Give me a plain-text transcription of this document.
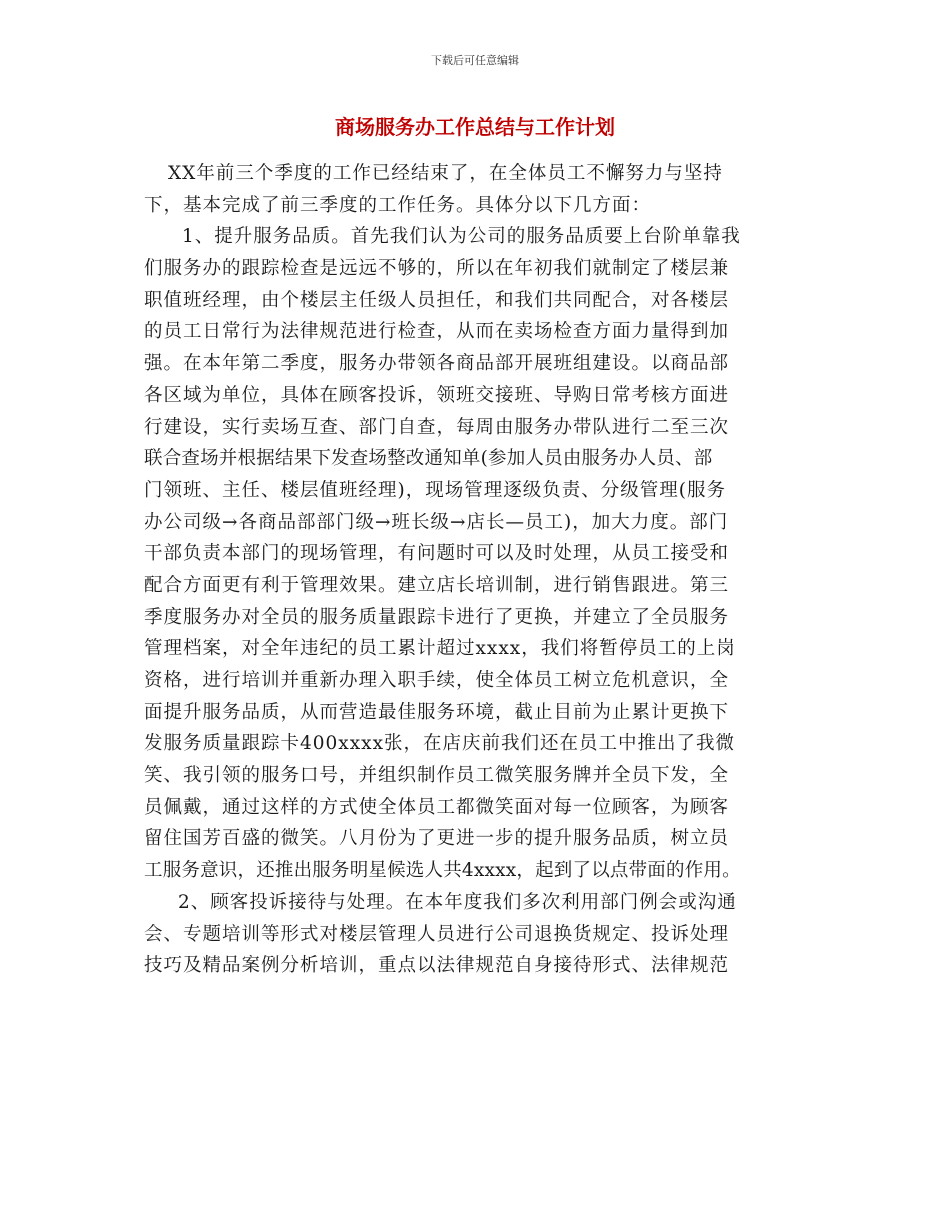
下载后可任意编辑
商场服务办工作总结与工作计划

XX年前三个季度的工作已经结束了，在全体员工不懈努力与坚持
下，基本完成了前三季度的工作任务。具体分以下几方面：

1、提升服务品质。首先我们认为公司的服务品质要上台阶单靠我
们服务办的跟踪检查是远远不够的，所以在年初我们就制定了楼层兼
职值班经理，由个楼层主任级人员担任，和我们共同配合，对各楼层
的员工日常行为法律规范进行检查，从而在卖场检查方面力量得到加
强。在本年第二季度，服务办带领各商品部开展班组建设。以商品部
各区域为单位，具体在顾客投诉，领班交接班、导购日常考核方面进
行建设，实行卖场互查、部门自查，每周由服务办带队进行二至三次
联合查场并根据结果下发查场整改通知单(参加人员由服务办人员、部
门领班、主任、楼层值班经理)，现场管理逐级负责、分级管理(服务
办公司级→各商品部部门级→班长级→店长—员工)，加大力度。部门
干部负责本部门的现场管理，有问题时可以及时处理，从员工接受和
配合方面更有利于管理效果。建立店长培训制，进行销售跟进。第三
季度服务办对全员的服务质量跟踪卡进行了更换，并建立了全员服务
管理档案，对全年违纪的员工累计超过xxxx，我们将暂停员工的上岗
资格，进行培训并重新办理入职手续，使全体员工树立危机意识，全
面提升服务品质，从而营造最佳服务环境，截止目前为止累计更换下
发服务质量跟踪卡400xxxx张，在店庆前我们还在员工中推出了我微
笑、我引领的服务口号，并组织制作员工微笑服务牌并全员下发，全
员佩戴，通过这样的方式使全体员工都微笑面对每一位顾客，为顾客
留住国芳百盛的微笑。八月份为了更进一步的提升服务品质，树立员
工服务意识，还推出服务明星候选人共4xxxx，起到了以点带面的作用。

2、顾客投诉接待与处理。在本年度我们多次利用部门例会或沟通
会、专题培训等形式对楼层管理人员进行公司退换货规定、投诉处理
技巧及精品案例分析培训，重点以法律规范自身接待形式、法律规范
